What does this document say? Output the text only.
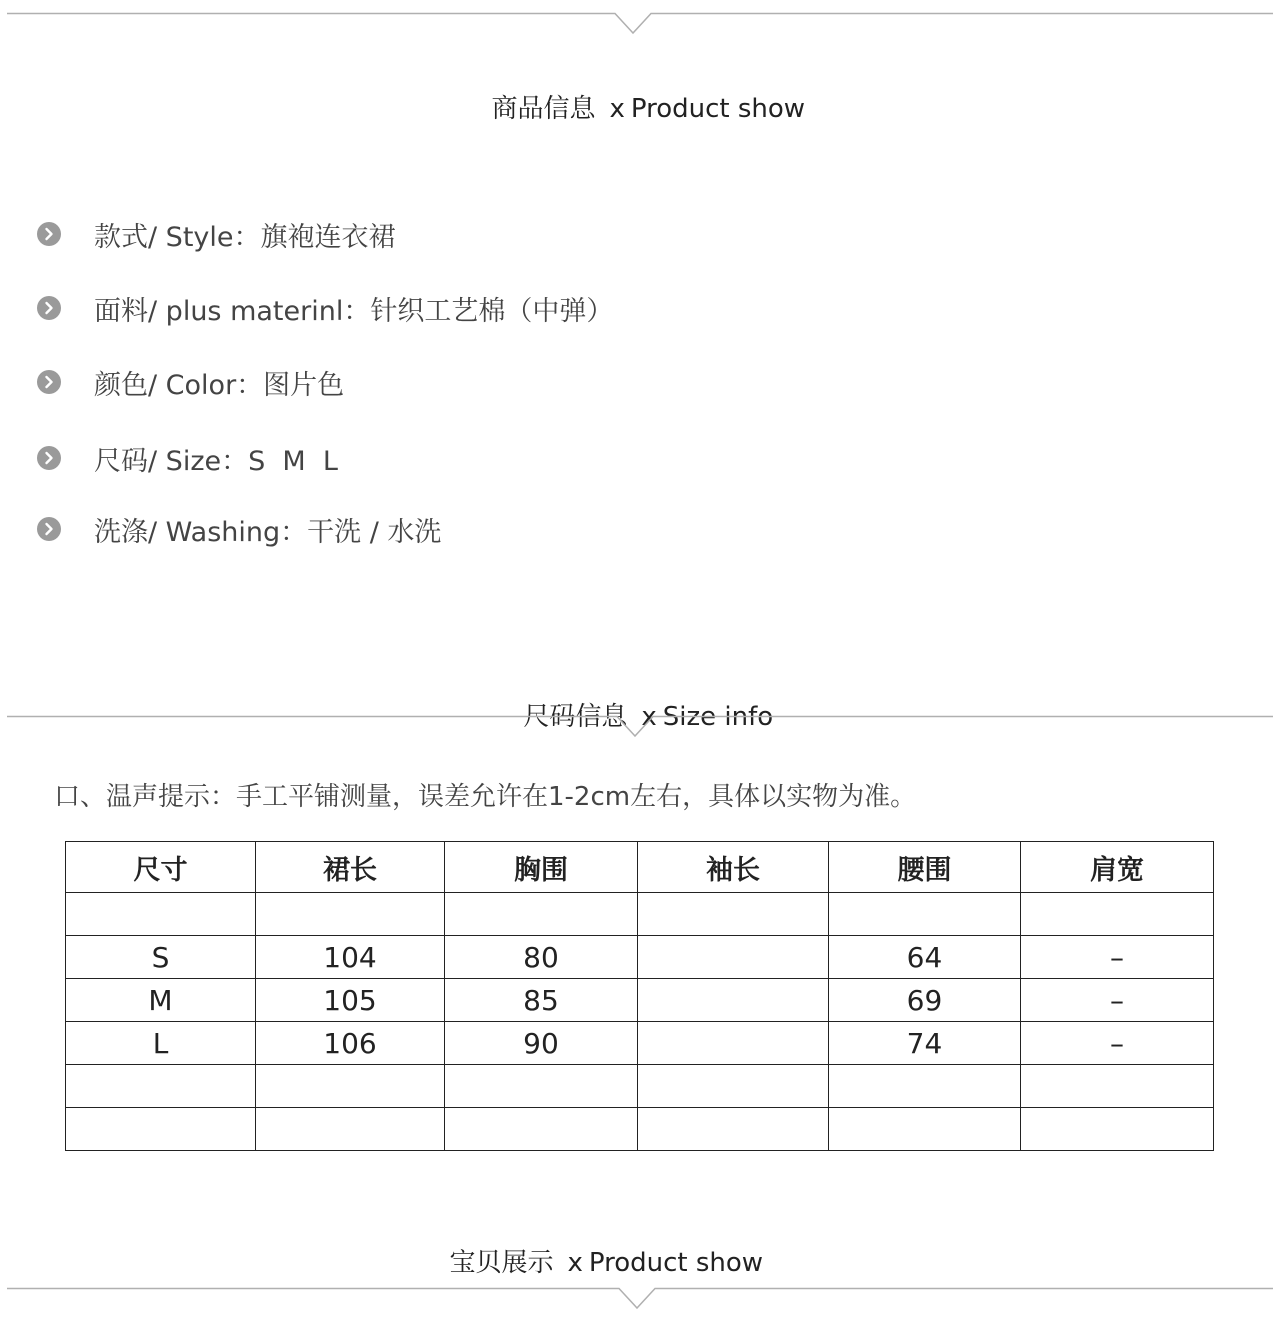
商品信息 x Product show

款式/ Style：旗袍连衣裙
面料/ plus materinl：针织工艺棉（中弹）
颜色/ Color：图片色
尺码/ Size：S  M  L
洗涤/ Washing：干洗 / 水洗

尺码信息 x Size info

口、温声提示：手工平铺测量，误差允许在1-2cm左右，具体以实物为准。
尺寸	裙长	胸围	袖长	腰围	肩宽

S	104	80		64	–
M	105	85		69	–
L	106	90		74	–

宝贝展示 x Product show
